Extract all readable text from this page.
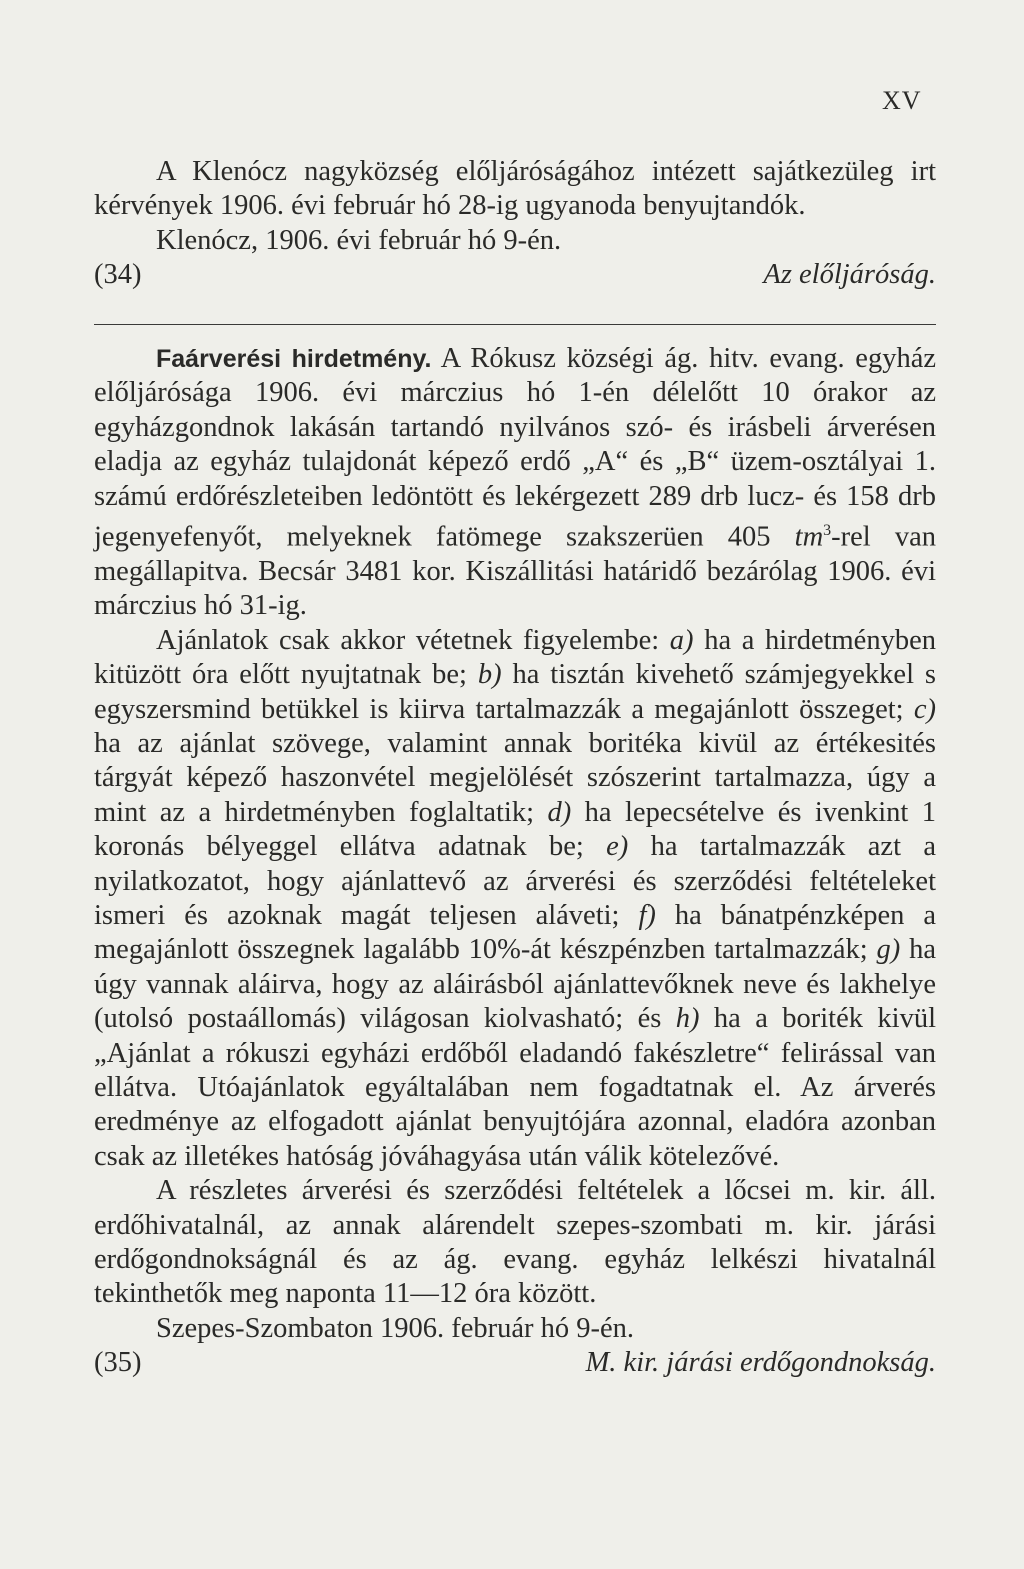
XV

A Klenócz nagyközség előljáróságához intézett sajátkezüleg irt kérvények 1906. évi február hó 28-ig ugyanoda benyujtandók.

Klenócz, 1906. évi február hó 9-én.

(34)	Az előljáróság.

Faárverési hirdetmény. A Rókusz községi ág. hitv. evang. egyház előljárósága 1906. évi márczius hó 1-én délelőtt 10 órakor az egyházgondnok lakásán tartandó nyilvános szó- és irásbeli árverésen eladja az egyház tulajdonát képező erdő „A“ és „B“ üzem-osztályai 1. számú erdőrészleteiben ledöntött és lekérgezett 289 drb lucz- és 158 drb jegenyefenyőt, melyeknek fatömege szakszerüen 405 $tm^3$-rel van megállapitva. Becsár 3481 kor. Kiszállitási határidő bezárólag 1906. évi márczius hó 31-ig.

Ajánlatok csak akkor vétetnek figyelembe: a) ha a hirdetményben kitüzött óra előtt nyujtatnak be; b) ha tisztán kivehető számjegyekkel s egyszersmind betükkel is kiirva tartalmazzák a megajánlott összeget; c) ha az ajánlat szövege, valamint annak boritéka kivül az értékesités tárgyát képező haszonvétel megjelölését szószerint tartalmazza, úgy a mint az a hirdetményben foglaltatik; d) ha lepecsételve és ivenkint 1 koronás bélyeggel ellátva adatnak be; e) ha tartalmazzák azt a nyilatkozatot, hogy ajánlattevő az árverési és szerződési feltételeket ismeri és azoknak magát teljesen aláveti; f) ha bánatpénzképen a megajánlott összegnek lagalább 10%-át készpénzben tartalmazzák; g) ha úgy vannak aláirva, hogy az aláirásból ajánlattevőknek neve és lakhelye (utolsó postaállomás) világosan kiolvasható; és h) ha a boriték kivül „Ajánlat a rókuszi egyházi erdőből eladandó fakészletre“ felirással van ellátva. Utóajánlatok egyáltalában nem fogadtatnak el. Az árverés eredménye az elfogadott ajánlat benyujtójára azonnal, eladóra azonban csak az illetékes hatóság jóváhagyása után válik kötelezővé.

A részletes árverési és szerződési feltételek a lőcsei m. kir. áll. erdőhivatalnál, az annak alárendelt szepes-szombati m. kir. járási erdőgondnokságnál és az ág. evang. egyház lelkészi hivatalnál tekinthetők meg naponta 11—12 óra között.

Szepes-Szombaton 1906. február hó 9-én.

(35)	M. kir. járási erdőgondnokság.
